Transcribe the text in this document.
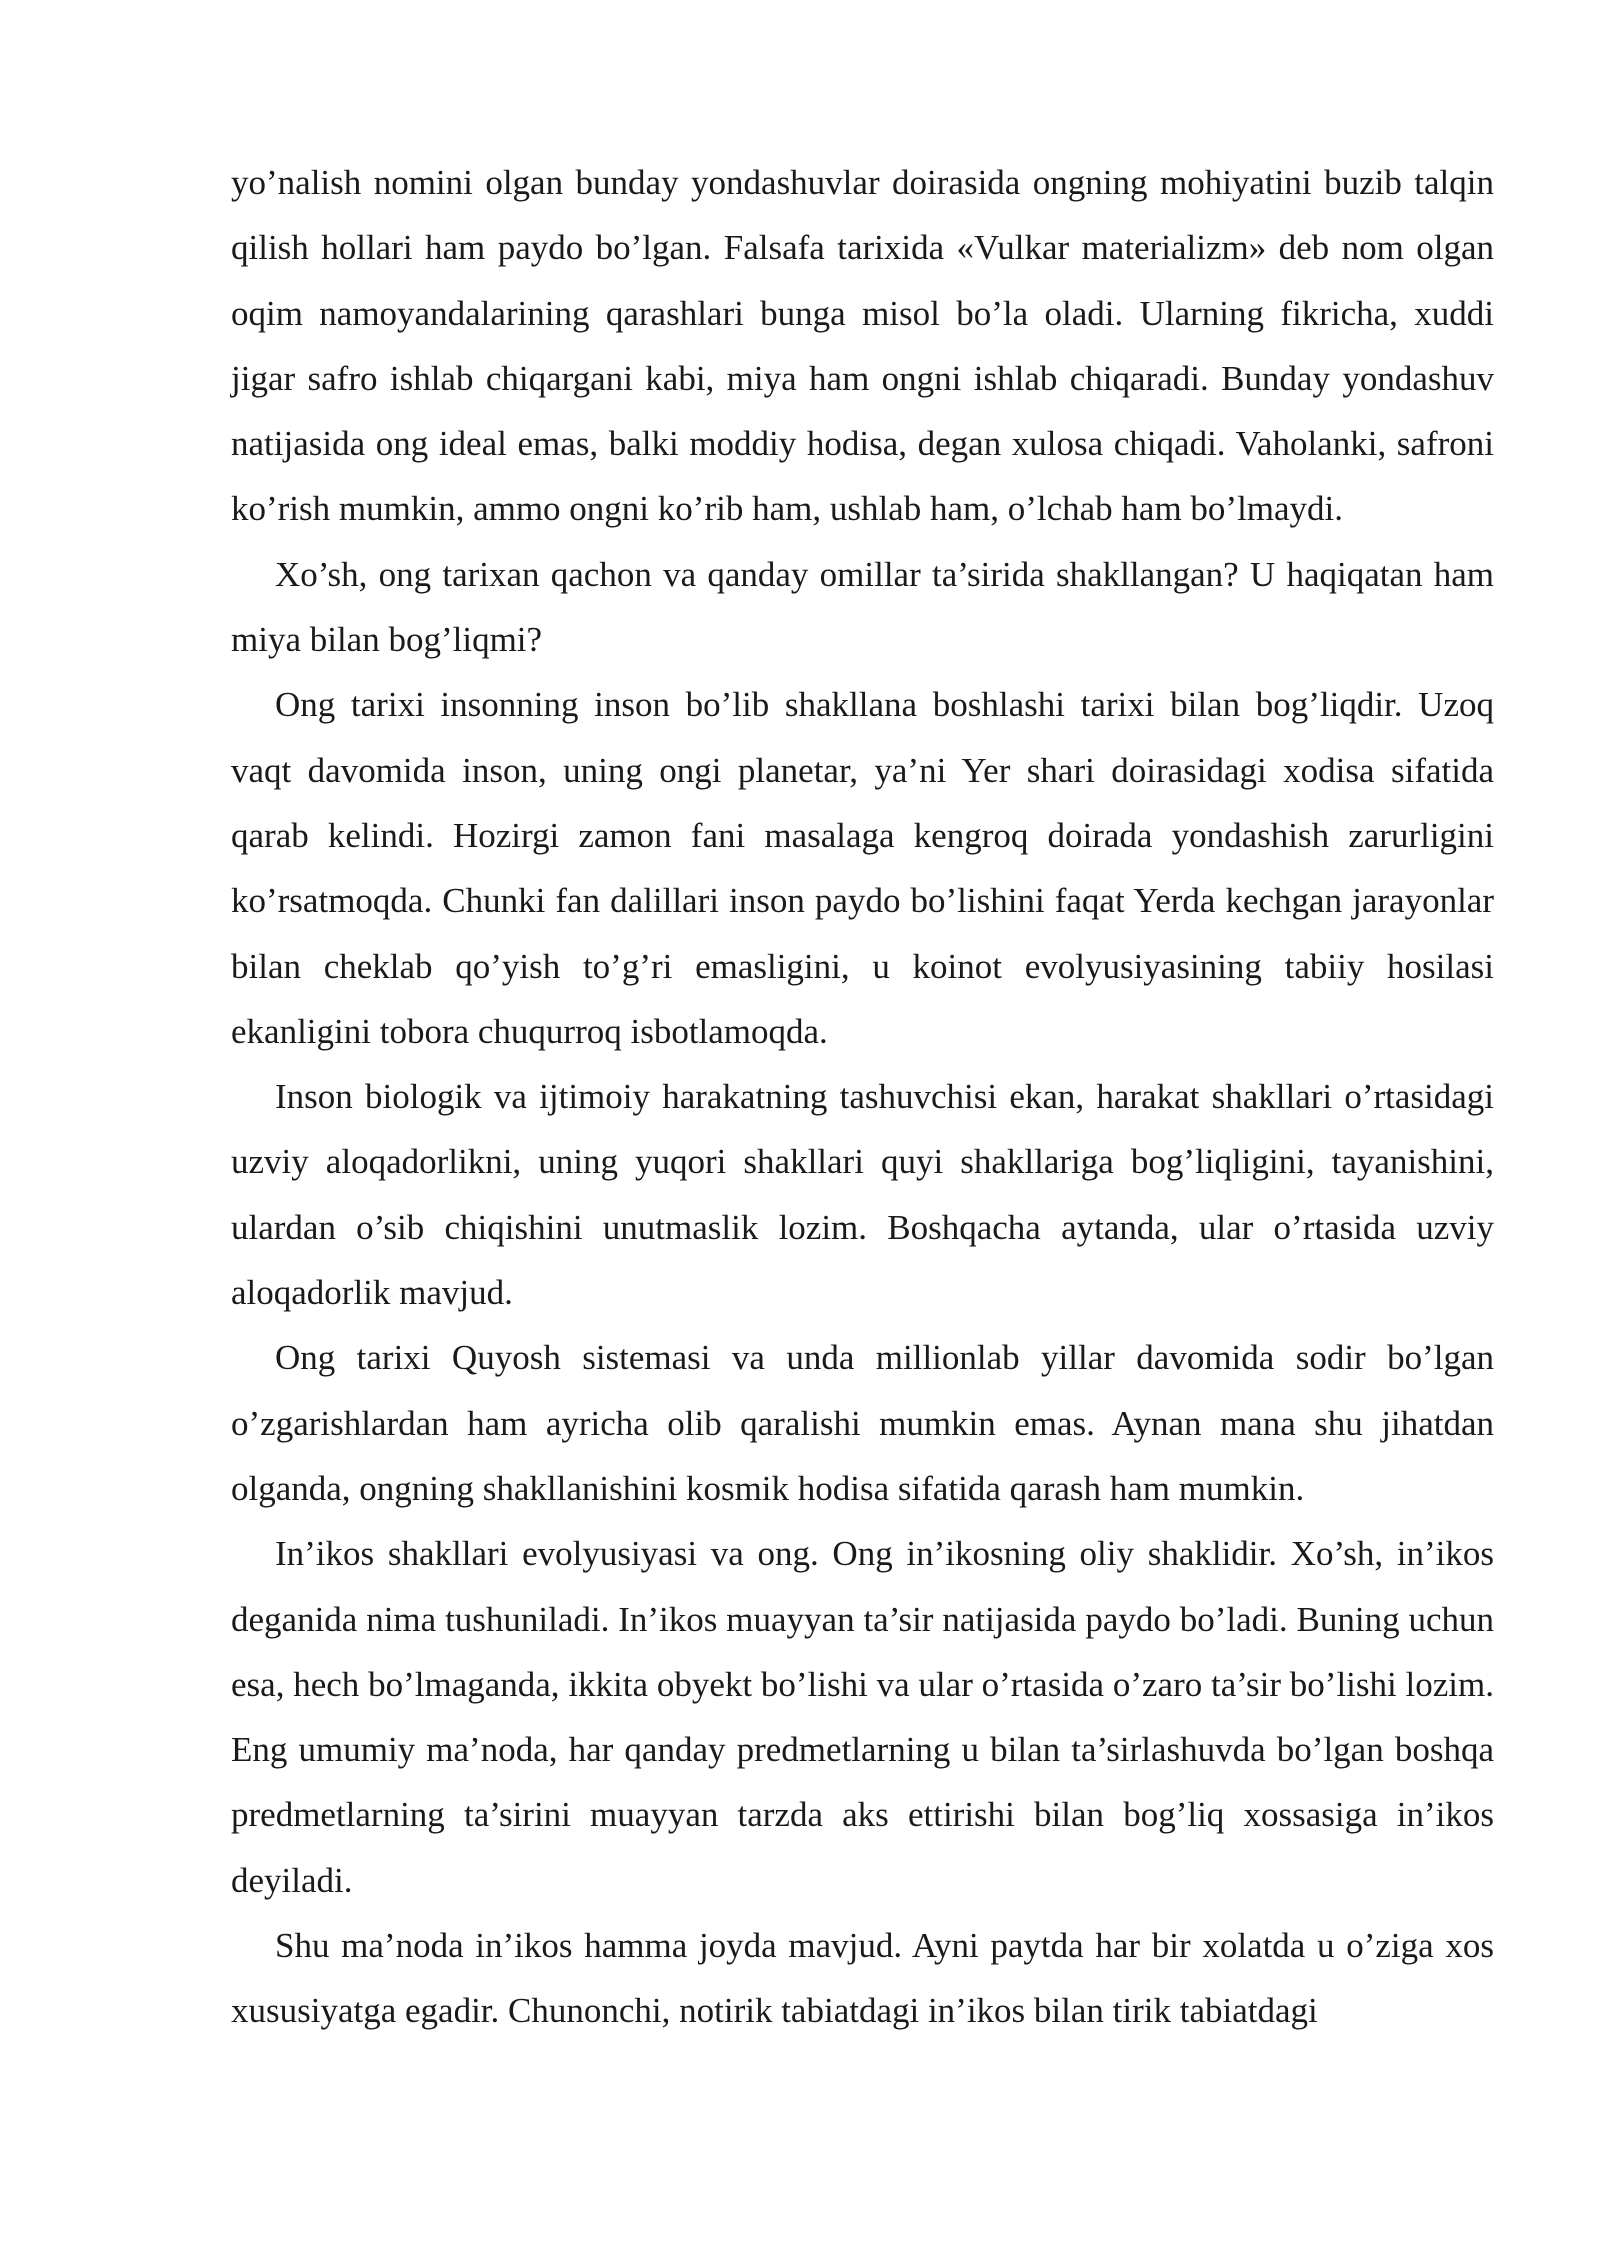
yo’nalish nomini olgan bunday yondashuvlar doirasida ongning mohiyatini buzib talqin qilish hollari ham paydo bo’lgan. Falsafa tarixida «Vulkar materializm» deb nom olgan oqim namoyandalarining qarashlari bunga misol bo’la oladi. Ularning fikricha, xuddi jigar safro ishlab chiqargani kabi, miya ham ongni ishlab chiqaradi. Bunday yondashuv natijasida ong ideal emas, balki moddiy hodisa, degan xulosa chiqadi. Vaholanki, safroni ko’rish mumkin, ammo ongni ko’rib ham, ushlab ham, o’lchab ham bo’lmaydi.

Xo’sh, ong tarixan qachon va qanday omillar ta’sirida shakllangan? U haqiqatan ham miya bilan bog’liqmi?

Ong tarixi insonning inson bo’lib shakllana boshlashi tarixi bilan bog’liqdir. Uzoq vaqt davomida inson, uning ongi planetar, ya’ni Yer shari doirasidagi xodisa sifatida qarab kelindi. Hozirgi zamon fani masalaga kengroq doirada yondashish zarurligini ko’rsatmoqda. Chunki fan dalillari inson paydo bo’lishini faqat Yerda kechgan jarayonlar bilan cheklab qo’yish to’g’ri emasligini, u koinot evolyusiyasining tabiiy hosilasi ekanligini tobora chuqurroq isbotlamoqda.

Inson biologik va ijtimoiy harakatning tashuvchisi ekan, harakat shakllari o’rtasidagi uzviy aloqadorlikni, uning yuqori shakllari quyi shakllariga bog’liqligini, tayanishini, ulardan o’sib chiqishini unutmaslik lozim. Boshqacha aytanda, ular o’rtasida uzviy aloqadorlik mavjud.

Ong tarixi Quyosh sistemasi va unda millionlab yillar davomida sodir bo’lgan o’zgarishlardan ham ayricha olib qaralishi mumkin emas. Aynan mana shu jihatdan olganda, ongning shakllanishini kosmik hodisa sifatida qarash ham mumkin.

In’ikos shakllari evolyusiyasi va ong. Ong in’ikosning oliy shaklidir. Xo’sh, in’ikos deganida nima tushuniladi. In’ikos muayyan ta’sir natijasida paydo bo’ladi. Buning uchun esa, hech bo’lmaganda, ikkita obyekt bo’lishi va ular o’rtasida o’zaro ta’sir bo’lishi lozim. Eng umumiy ma’noda, har qanday predmetlarning u bilan ta’sirlashuvda bo’lgan boshqa predmetlarning ta’sirini muayyan tarzda aks ettirishi bilan bog’liq xossasiga in’ikos deyiladi.

Shu ma’noda in’ikos hamma joyda mavjud. Ayni paytda har bir xolatda u o’ziga xos xususiyatga egadir. Chunonchi, notirik tabiatdagi in’ikos bilan tirik tabiatdagi
